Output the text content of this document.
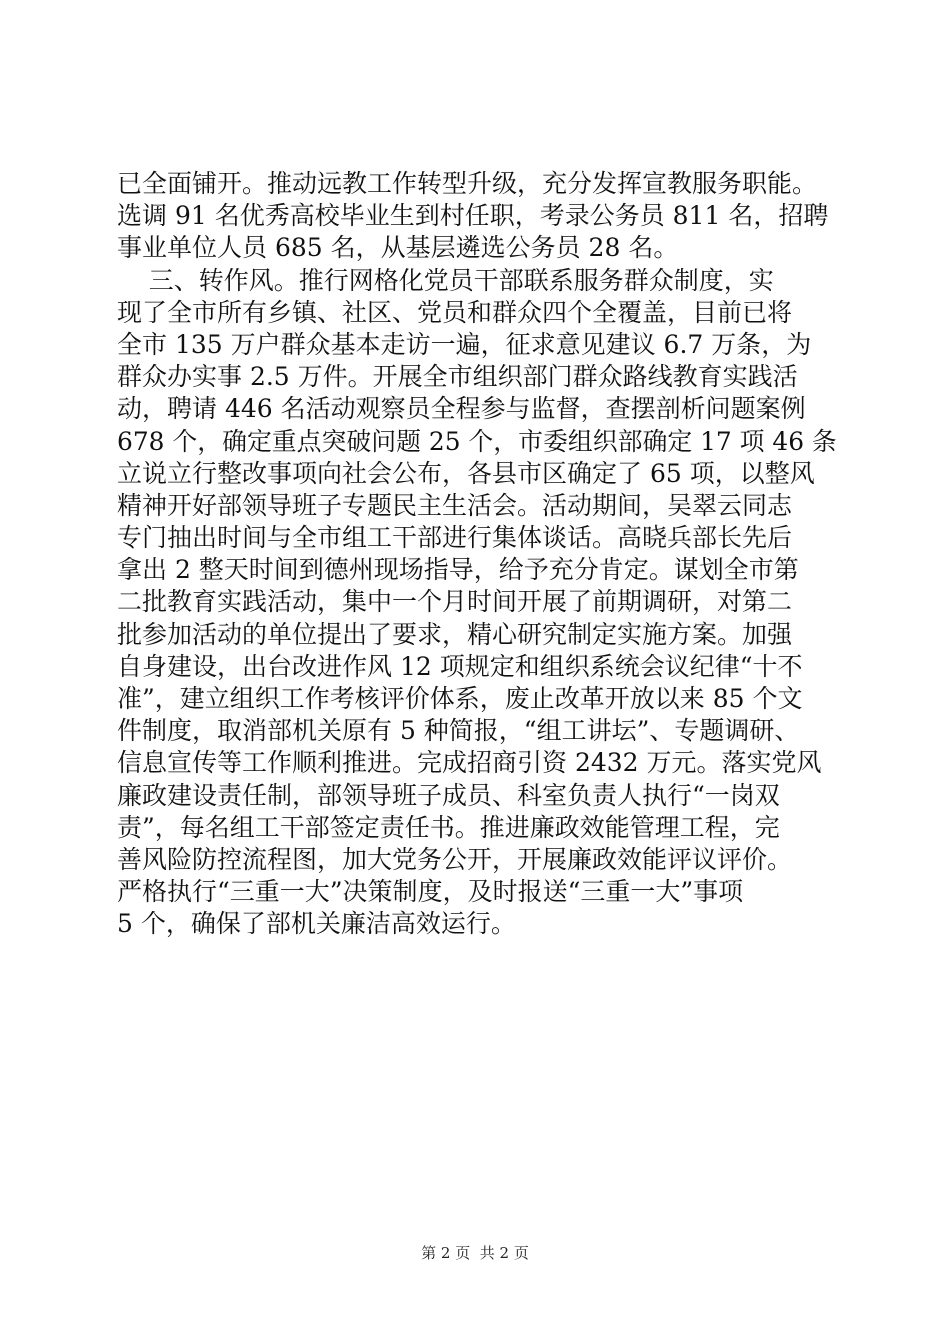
已全面铺开。推动远教工作转型升级，充分发挥宣教服务职能。
选调 91 名优秀高校毕业生到村任职，考录公务员 811 名，招聘
事业单位人员 685 名，从基层遴选公务员 28 名。
三、转作风。推行网格化党员干部联系服务群众制度，实
现了全市所有乡镇、社区、党员和群众四个全覆盖，目前已将
全市 135 万户群众基本走访一遍，征求意见建议 6.7 万条，为
群众办实事 2.5 万件。开展全市组织部门群众路线教育实践活
动，聘请 446 名活动观察员全程参与监督，查摆剖析问题案例
678 个，确定重点突破问题 25 个，市委组织部确定 17 项 46 条
立说立行整改事项向社会公布，各县市区确定了 65 项，以整风
精神开好部领导班子专题民主生活会。活动期间，吴翠云同志
专门抽出时间与全市组工干部进行集体谈话。高晓兵部长先后
拿出 2 整天时间到德州现场指导，给予充分肯定。谋划全市第
二批教育实践活动，集中一个月时间开展了前期调研，对第二
批参加活动的单位提出了要求，精心研究制定实施方案。加强
自身建设，出台改进作风 12 项规定和组织系统会议纪律“十不
准”，建立组织工作考核评价体系，废止改革开放以来 85 个文
件制度，取消部机关原有 5 种简报，“组工讲坛”、专题调研、
信息宣传等工作顺利推进。完成招商引资 2432 万元。落实党风
廉政建设责任制，部领导班子成员、科室负责人执行“一岗双
责”，每名组工干部签定责任书。推进廉政效能管理工程，完
善风险防控流程图，加大党务公开，开展廉政效能评议评价。
严格执行“三重一大”决策制度，及时报送“三重一大”事项
5 个，确保了部机关廉洁高效运行。
第 2 页  共 2 页
